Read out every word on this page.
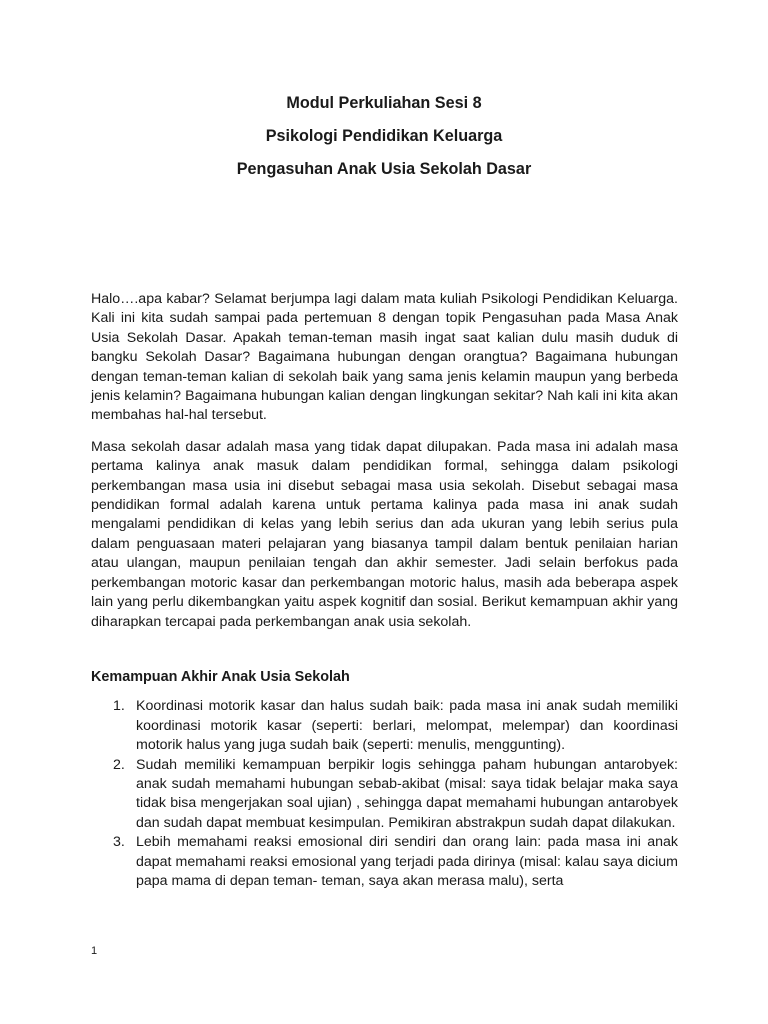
Modul Perkuliahan Sesi 8
Psikologi Pendidikan Keluarga
Pengasuhan Anak Usia Sekolah Dasar

Halo….apa kabar? Selamat berjumpa lagi dalam mata kuliah Psikologi Pendidikan Keluarga. Kali ini kita sudah sampai pada pertemuan 8 dengan topik Pengasuhan pada Masa Anak Usia Sekolah Dasar. Apakah teman-teman masih ingat saat kalian dulu masih duduk di bangku Sekolah Dasar? Bagaimana hubungan dengan orangtua? Bagaimana hubungan dengan teman-teman kalian di sekolah baik yang sama jenis kelamin maupun yang berbeda jenis kelamin? Bagaimana hubungan kalian dengan lingkungan sekitar? Nah kali ini kita akan membahas hal-hal tersebut.

Masa sekolah dasar adalah masa yang tidak dapat dilupakan. Pada masa ini adalah masa pertama kalinya anak masuk dalam pendidikan formal, sehingga dalam psikologi perkembangan masa usia ini disebut sebagai masa usia sekolah. Disebut sebagai masa pendidikan formal adalah karena untuk pertama kalinya pada masa ini anak sudah mengalami pendidikan di kelas yang lebih serius dan ada ukuran yang lebih serius pula dalam penguasaan materi pelajaran yang biasanya tampil dalam bentuk penilaian harian atau ulangan, maupun penilaian tengah dan akhir semester. Jadi selain berfokus pada perkembangan motoric kasar dan perkembangan motoric halus, masih ada beberapa aspek lain yang perlu dikembangkan yaitu aspek kognitif dan sosial. Berikut kemampuan akhir yang diharapkan tercapai pada perkembangan anak usia sekolah.

Kemampuan Akhir Anak Usia Sekolah
1. Koordinasi motorik kasar dan halus sudah baik: pada masa ini anak sudah memiliki koordinasi motorik kasar (seperti: berlari, melompat, melempar) dan koordinasi motorik halus yang juga sudah baik (seperti: menulis, menggunting).
2. Sudah memiliki kemampuan berpikir logis sehingga paham hubungan antarobyek: anak sudah memahami hubungan sebab-akibat (misal: saya tidak belajar maka saya tidak bisa mengerjakan soal ujian) , sehingga dapat memahami hubungan antarobyek dan sudah dapat membuat kesimpulan. Pemikiran abstrakpun sudah dapat dilakukan.
3. Lebih memahami reaksi emosional diri sendiri dan orang lain: pada masa ini anak dapat memahami reaksi emosional yang terjadi pada dirinya (misal: kalau saya dicium papa mama di depan teman- teman, saya akan merasa malu), serta
1
